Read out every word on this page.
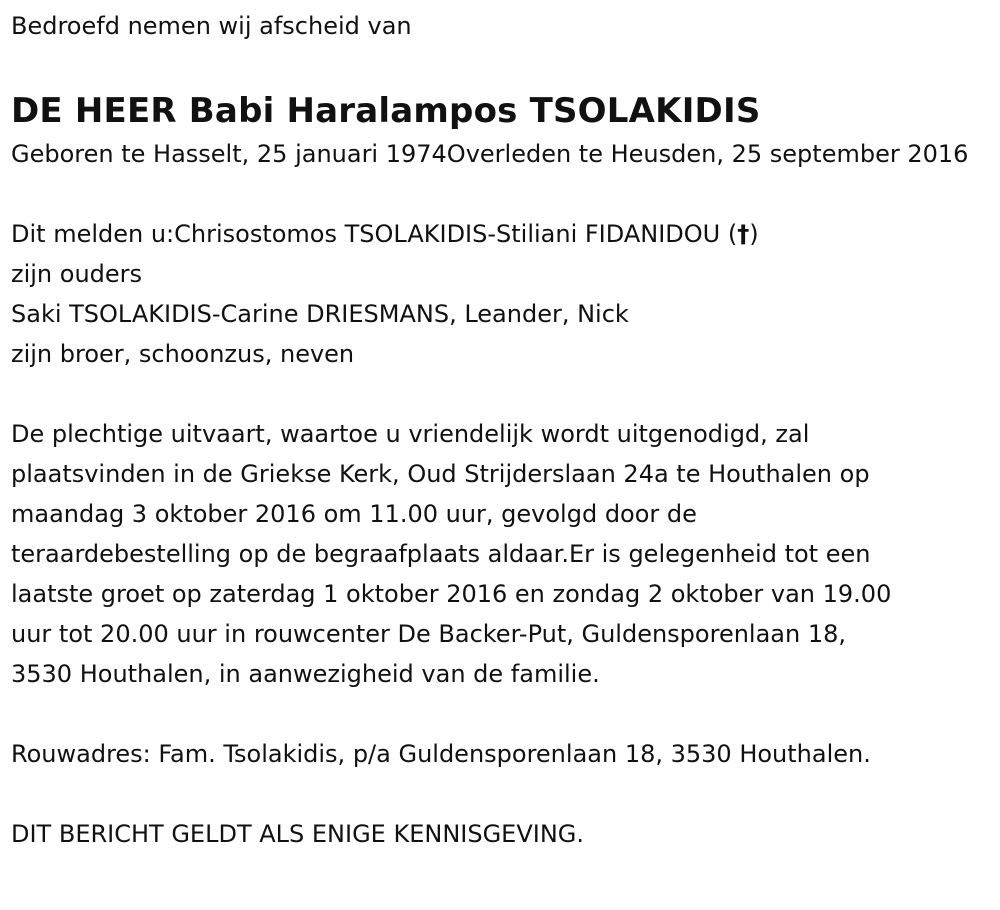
Bedroefd nemen wij afscheid van
DE HEER Babi Haralampos TSOLAKIDIS
Geboren te Hasselt, 25 januari 1974Overleden te Heusden, 25 september 2016
Dit melden u:Chrisostomos TSOLAKIDIS-Stiliani FIDANIDOU (†)
zijn ouders
Saki TSOLAKIDIS-Carine DRIESMANS, Leander, Nick
zijn broer, schoonzus, neven
De plechtige uitvaart, waartoe u vriendelijk wordt uitgenodigd, zal
plaatsvinden in de Griekse Kerk, Oud Strijderslaan 24a te Houthalen op
maandag 3 oktober 2016 om 11.00 uur, gevolgd door de
teraardebestelling op de begraafplaats aldaar.Er is gelegenheid tot een
laatste groet op zaterdag 1 oktober 2016 en zondag 2 oktober van 19.00
uur tot 20.00 uur in rouwcenter De Backer-Put, Guldensporenlaan 18,
3530 Houthalen, in aanwezigheid van de familie.
Rouwadres: Fam. Tsolakidis, p/a Guldensporenlaan 18, 3530 Houthalen.
DIT BERICHT GELDT ALS ENIGE KENNISGEVING.
